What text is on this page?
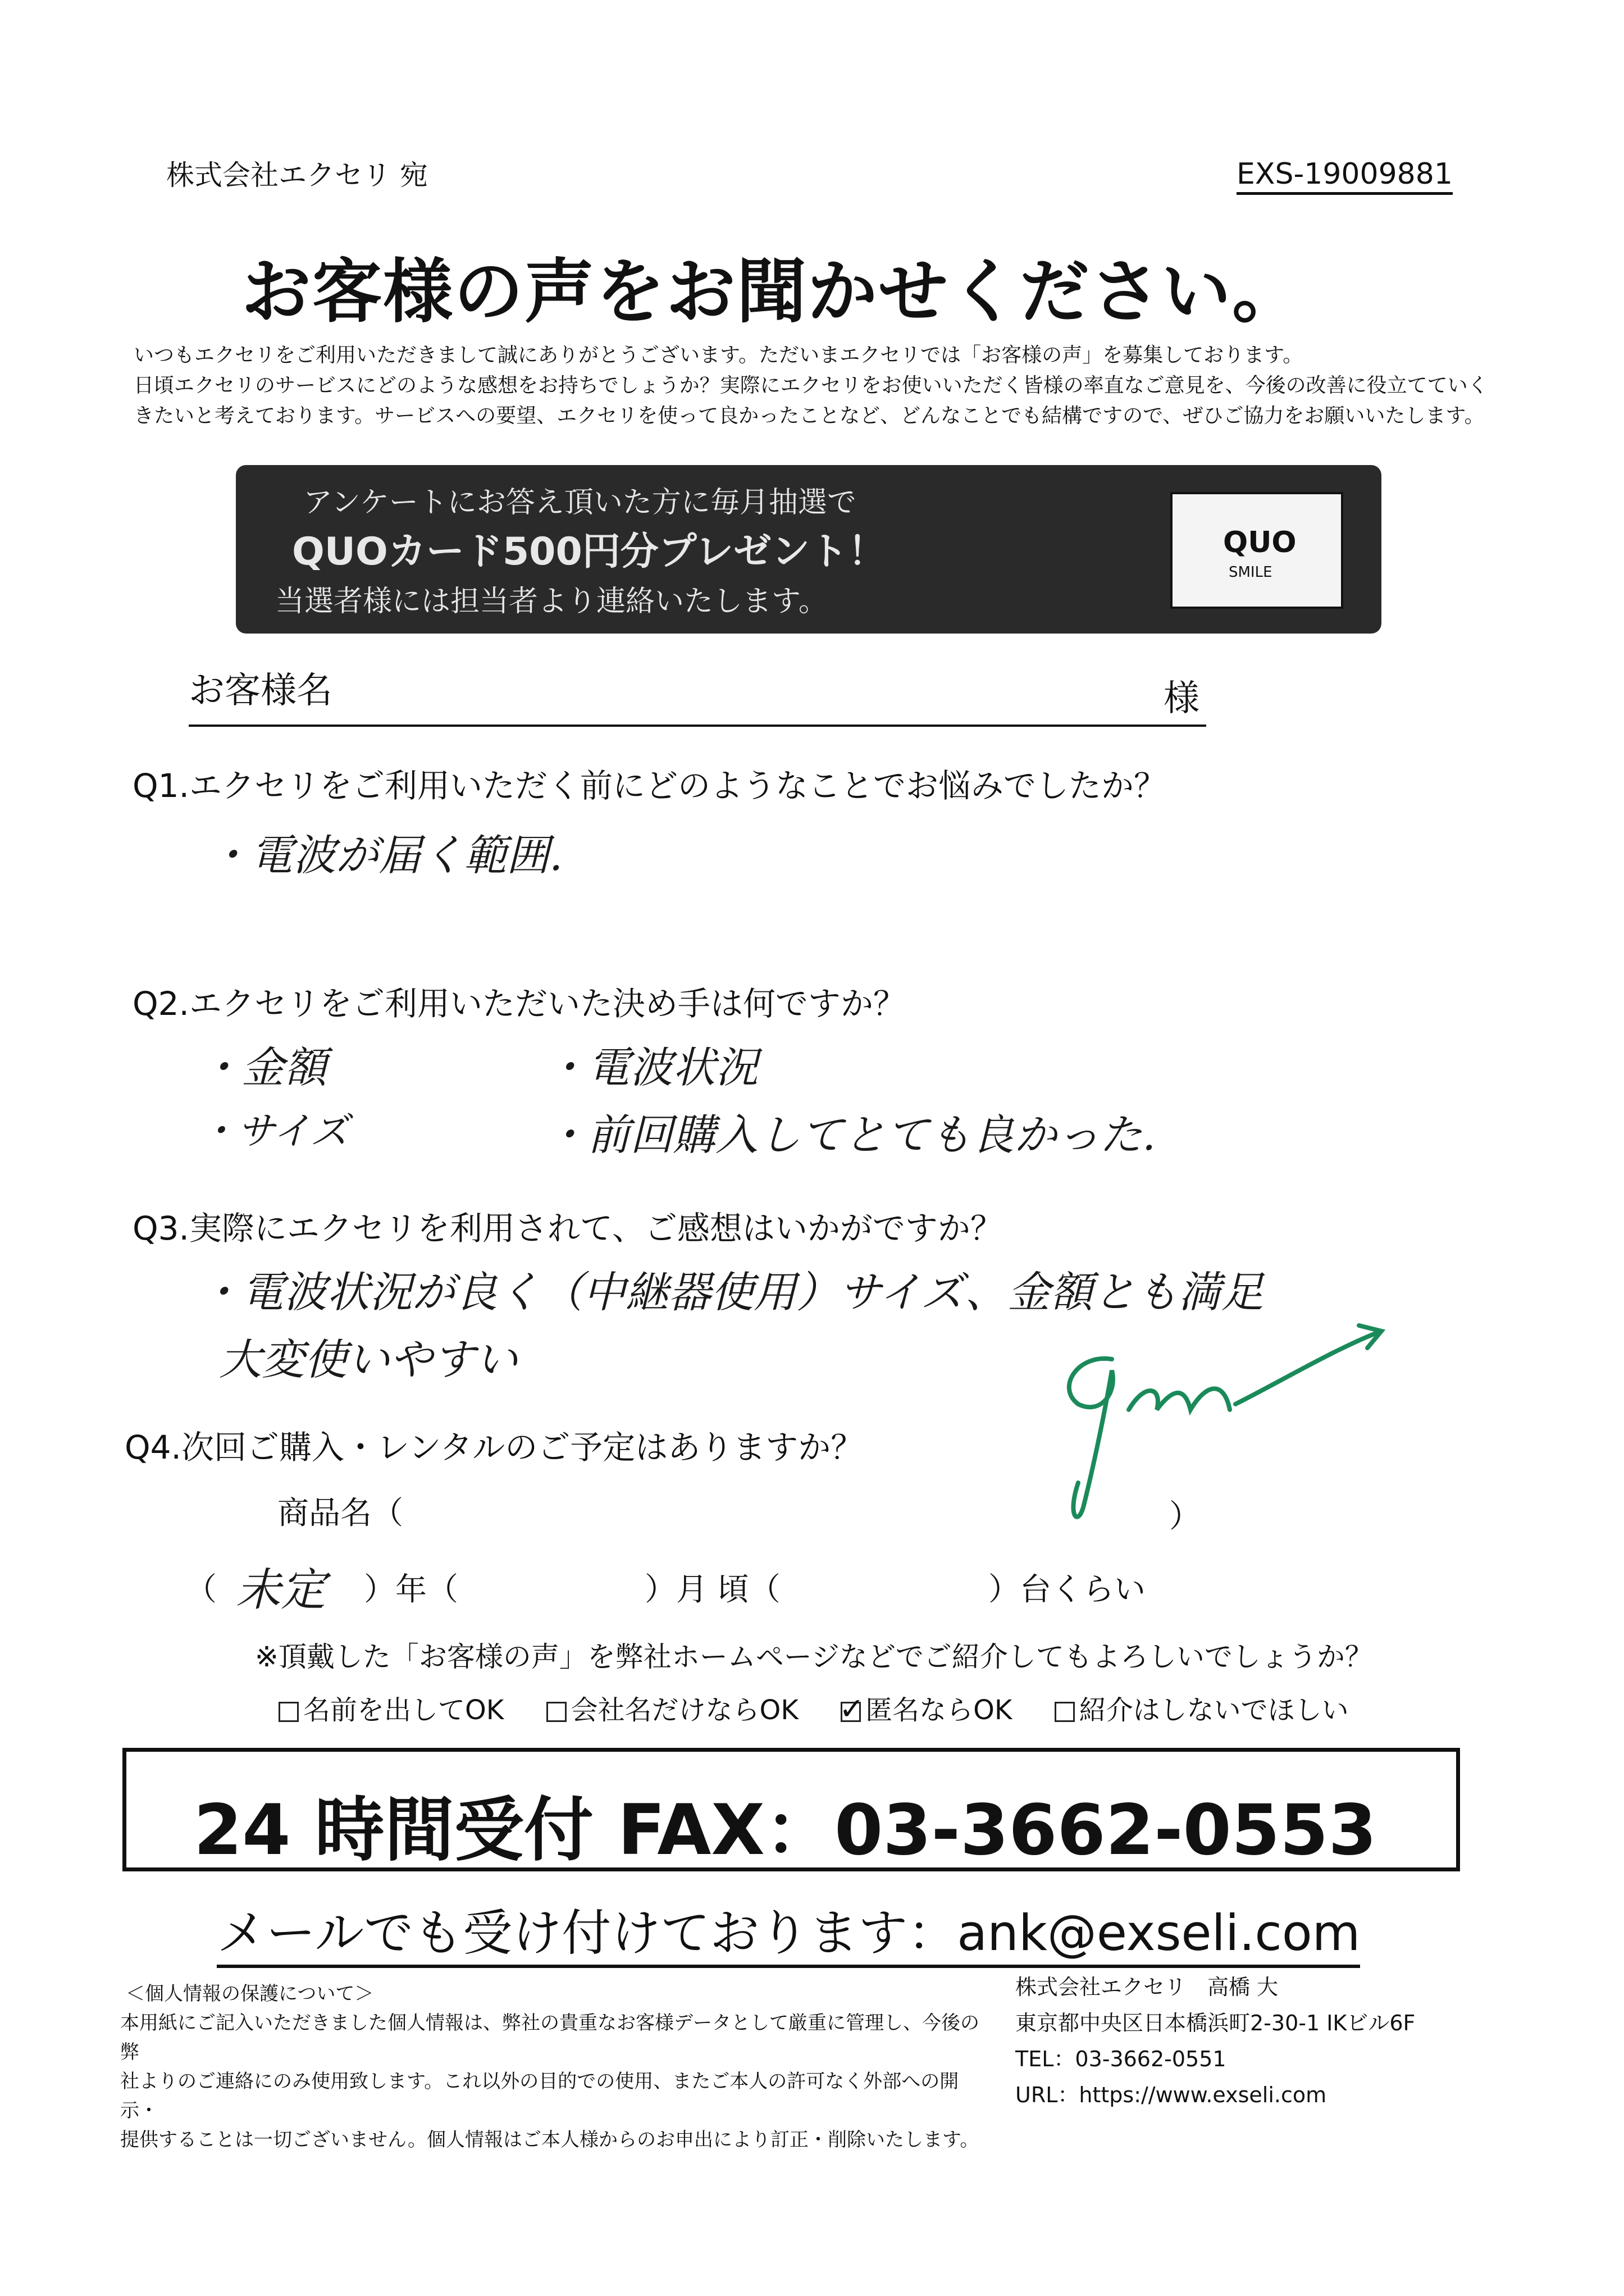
株式会社エクセリ 宛	EXS-19009881
お客様の声をお聞かせください。
いつもエクセリをご利用いただきまして誠にありがとうございます。ただいまエクセリでは「お客様の声」を募集しております。
日頃エクセリのサービスにどのような感想をお持ちでしょうか？実際にエクセリをお使いいただく皆様の率直なご意見を、今後の改善に役立てていく
きたいと考えております。サービスへの要望、エクセリを使って良かったことなど、どんなことでも結構ですので、ぜひご協力をお願いいたします。
アンケートにお答え頂いた方に毎月抽選で
QUOカード500円分プレゼント！
当選者様には担当者より連絡いたします。
QUO
SMILE
お客様名	様
Q1.エクセリをご利用いただく前にどのようなことでお悩みでしたか？
・電波が届く範囲.
Q2.エクセリをご利用いただいた決め手は何ですか？
・金額	・電波状況
・サイズ	・前回購入してとても良かった.
Q3.実際にエクセリを利用されて、ご感想はいかがですか？
・電波状況が良く（中継器使用）サイズ、金額とも満足
大変使いやすい
Q4.次回ご購入・レンタルのご予定はありますか？
商品名（	）
（ 未定 ）年（	）月 頃（	）台くらい
※頂戴した「お客様の声」を弊社ホームページなどでご紹介してもよろしいでしょうか？
名前を出してOK 会社名だけならOK ✓ 匿名ならOK 紹介はしないでほしい
24 時間受付 FAX：03-3662-0553
メールでも受け付けております：ank@exseli.com
＜個人情報の保護について＞
本用紙にご記入いただきました個人情報は、弊社の貴重なお客様データとして厳重に管理し、今後の弊
社よりのご連絡にのみ使用致します。これ以外の目的での使用、またご本人の許可なく外部への開示・
提供することは一切ございません。個人情報はご本人様からのお申出により訂正・削除いたします。
株式会社エクセリ　高橋 大
東京都中央区日本橋浜町2-30-1 IKビル6F
TEL：03-3662-0551
URL：https://www.exseli.com
